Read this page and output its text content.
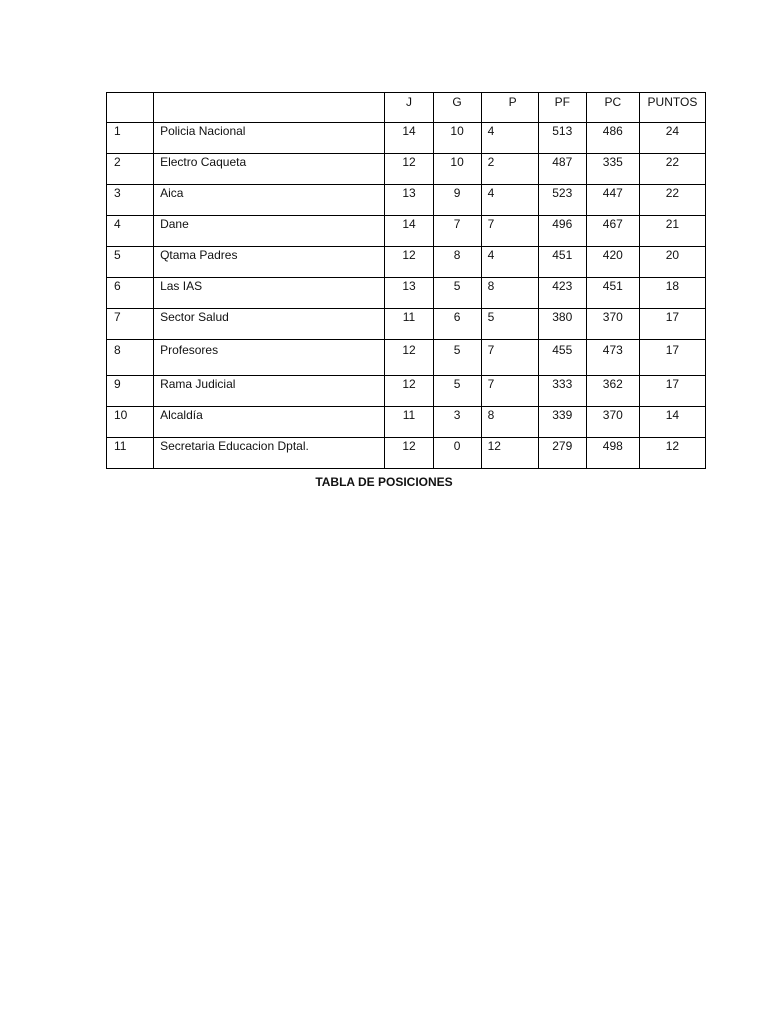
		J	G	P	PF	PC	PUNTOS
1	Policia Nacional	14	10	4	513	486	24
2	Electro Caqueta	12	10	2	487	335	22
3	Aica	13	9	4	523	447	22
4	Dane	14	7	7	496	467	21
5	Qtama Padres	12	8	4	451	420	20
6	Las IAS	13	5	8	423	451	18
7	Sector Salud	11	6	5	380	370	17
8	Profesores	12	5	7	455	473	17
9	Rama Judicial	12	5	7	333	362	17
10	Alcaldía	11	3	8	339	370	14
11	Secretaria Educacion Dptal.	12	0	12	279	498	12
TABLA DE POSICIONES
